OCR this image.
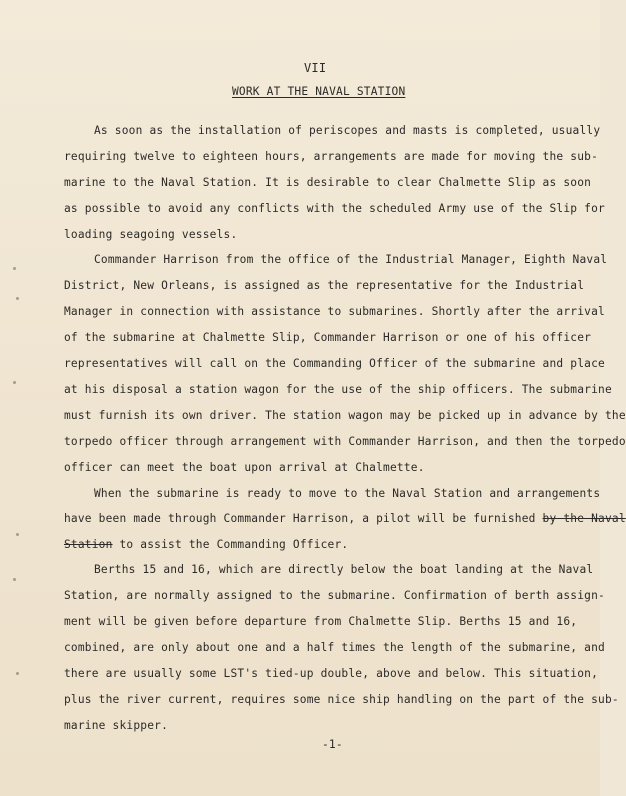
VII
WORK AT THE NAVAL STATION
As soon as the installation of periscopes and masts is completed, usually
requiring twelve to eighteen hours, arrangements are made for moving the sub-
marine to the Naval Station. It is desirable to clear Chalmette Slip as soon
as possible to avoid any conflicts with the scheduled Army use of the Slip for
loading seagoing vessels.
Commander Harrison from the office of the Industrial Manager, Eighth Naval
District, New Orleans, is assigned as the representative for the Industrial
Manager in connection with assistance to submarines. Shortly after the arrival
of the submarine at Chalmette Slip, Commander Harrison or one of his officer
representatives will call on the Commanding Officer of the submarine and place
at his disposal a station wagon for the use of the ship officers. The submarine
must furnish its own driver. The station wagon may be picked up in advance by the
torpedo officer through arrangement with Commander Harrison, and then the torpedo
officer can meet the boat upon arrival at Chalmette.
When the submarine is ready to move to the Naval Station and arrangements
have been made through Commander Harrison, a pilot will be furnished by the Naval
Station to assist the Commanding Officer.
Berths 15 and 16, which are directly below the boat landing at the Naval
Station, are normally assigned to the submarine. Confirmation of berth assign-
ment will be given before departure from Chalmette Slip. Berths 15 and 16,
combined, are only about one and a half times the length of the submarine, and
there are usually some LST's tied-up double, above and below. This situation,
plus the river current, requires some nice ship handling on the part of the sub-
marine skipper.
-1-
